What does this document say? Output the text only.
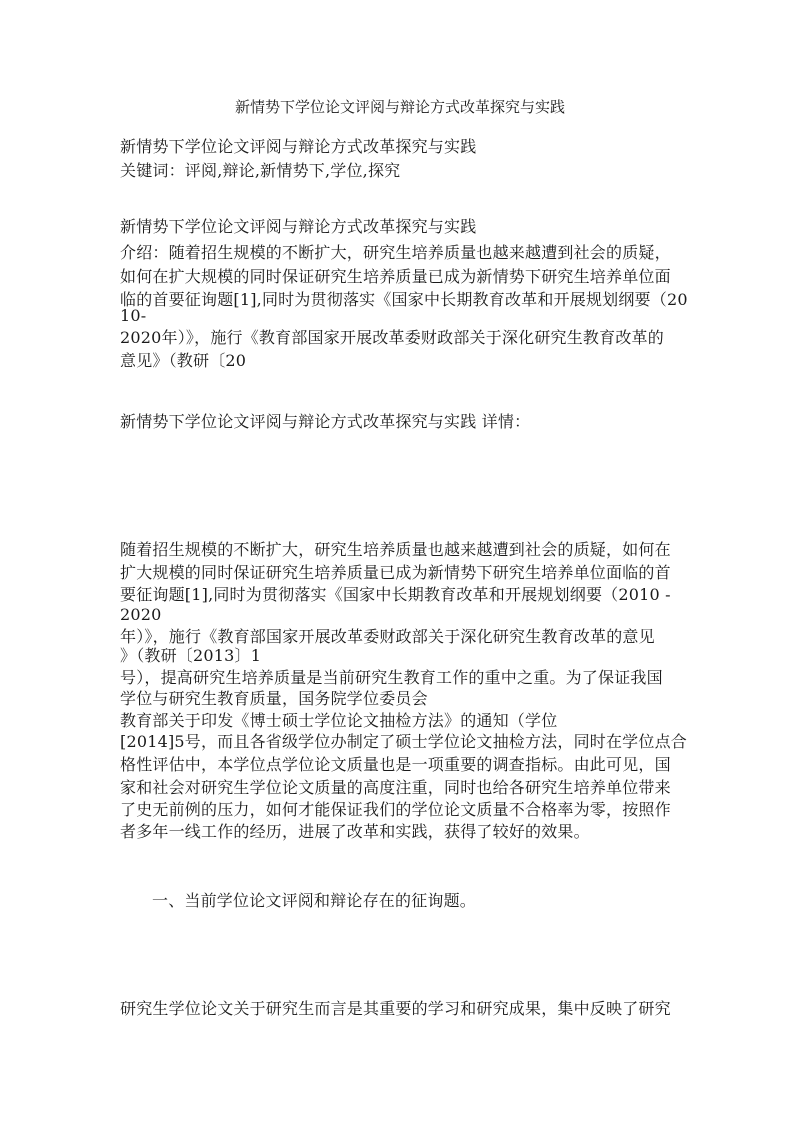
新情势下学位论文评阅与辩论方式改革探究与实践
新情势下学位论文评阅与辩论方式改革探究与实践
关键词：评阅,辩论,新情势下,学位,探究
新情势下学位论文评阅与辩论方式改革探究与实践
介绍：随着招生规模的不断扩大，研究生培养质量也越来越遭到社会的质疑，
如何在扩大规模的同时保证研究生培养质量已成为新情势下研究生培养单位面
临的首要征询题[1],同时为贯彻落实《国家中长期教育改革和开展规划纲要（20
10-
2020年）》，施行《教育部国家开展改革委财政部关于深化研究生教育改革的
意见》（教研〔20
新情势下学位论文评阅与辩论方式改革探究与实践 详情：
随着招生规模的不断扩大，研究生培养质量也越来越遭到社会的质疑，如何在
扩大规模的同时保证研究生培养质量已成为新情势下研究生培养单位面临的首
要征询题[1],同时为贯彻落实《国家中长期教育改革和开展规划纲要（2010 -
2020
年）》，施行《教育部国家开展改革委财政部关于深化研究生教育改革的意见
》（教研〔2013〕1
号），提高研究生培养质量是当前研究生教育工作的重中之重。为了保证我国
学位与研究生教育质量，国务院学位委员会
教育部关于印发《博士硕士学位论文抽检方法》的通知（学位
[2014]5号，而且各省级学位办制定了硕士学位论文抽检方法，同时在学位点合
格性评估中，本学位点学位论文质量也是一项重要的调查指标。由此可见，国
家和社会对研究生学位论文质量的高度注重，同时也给各研究生培养单位带来
了史无前例的压力，如何才能保证我们的学位论文质量不合格率为零，按照作
者多年一线工作的经历，进展了改革和实践，获得了较好的效果。
一、当前学位论文评阅和辩论存在的征询题。
研究生学位论文关于研究生而言是其重要的学习和研究成果，集中反映了研究
